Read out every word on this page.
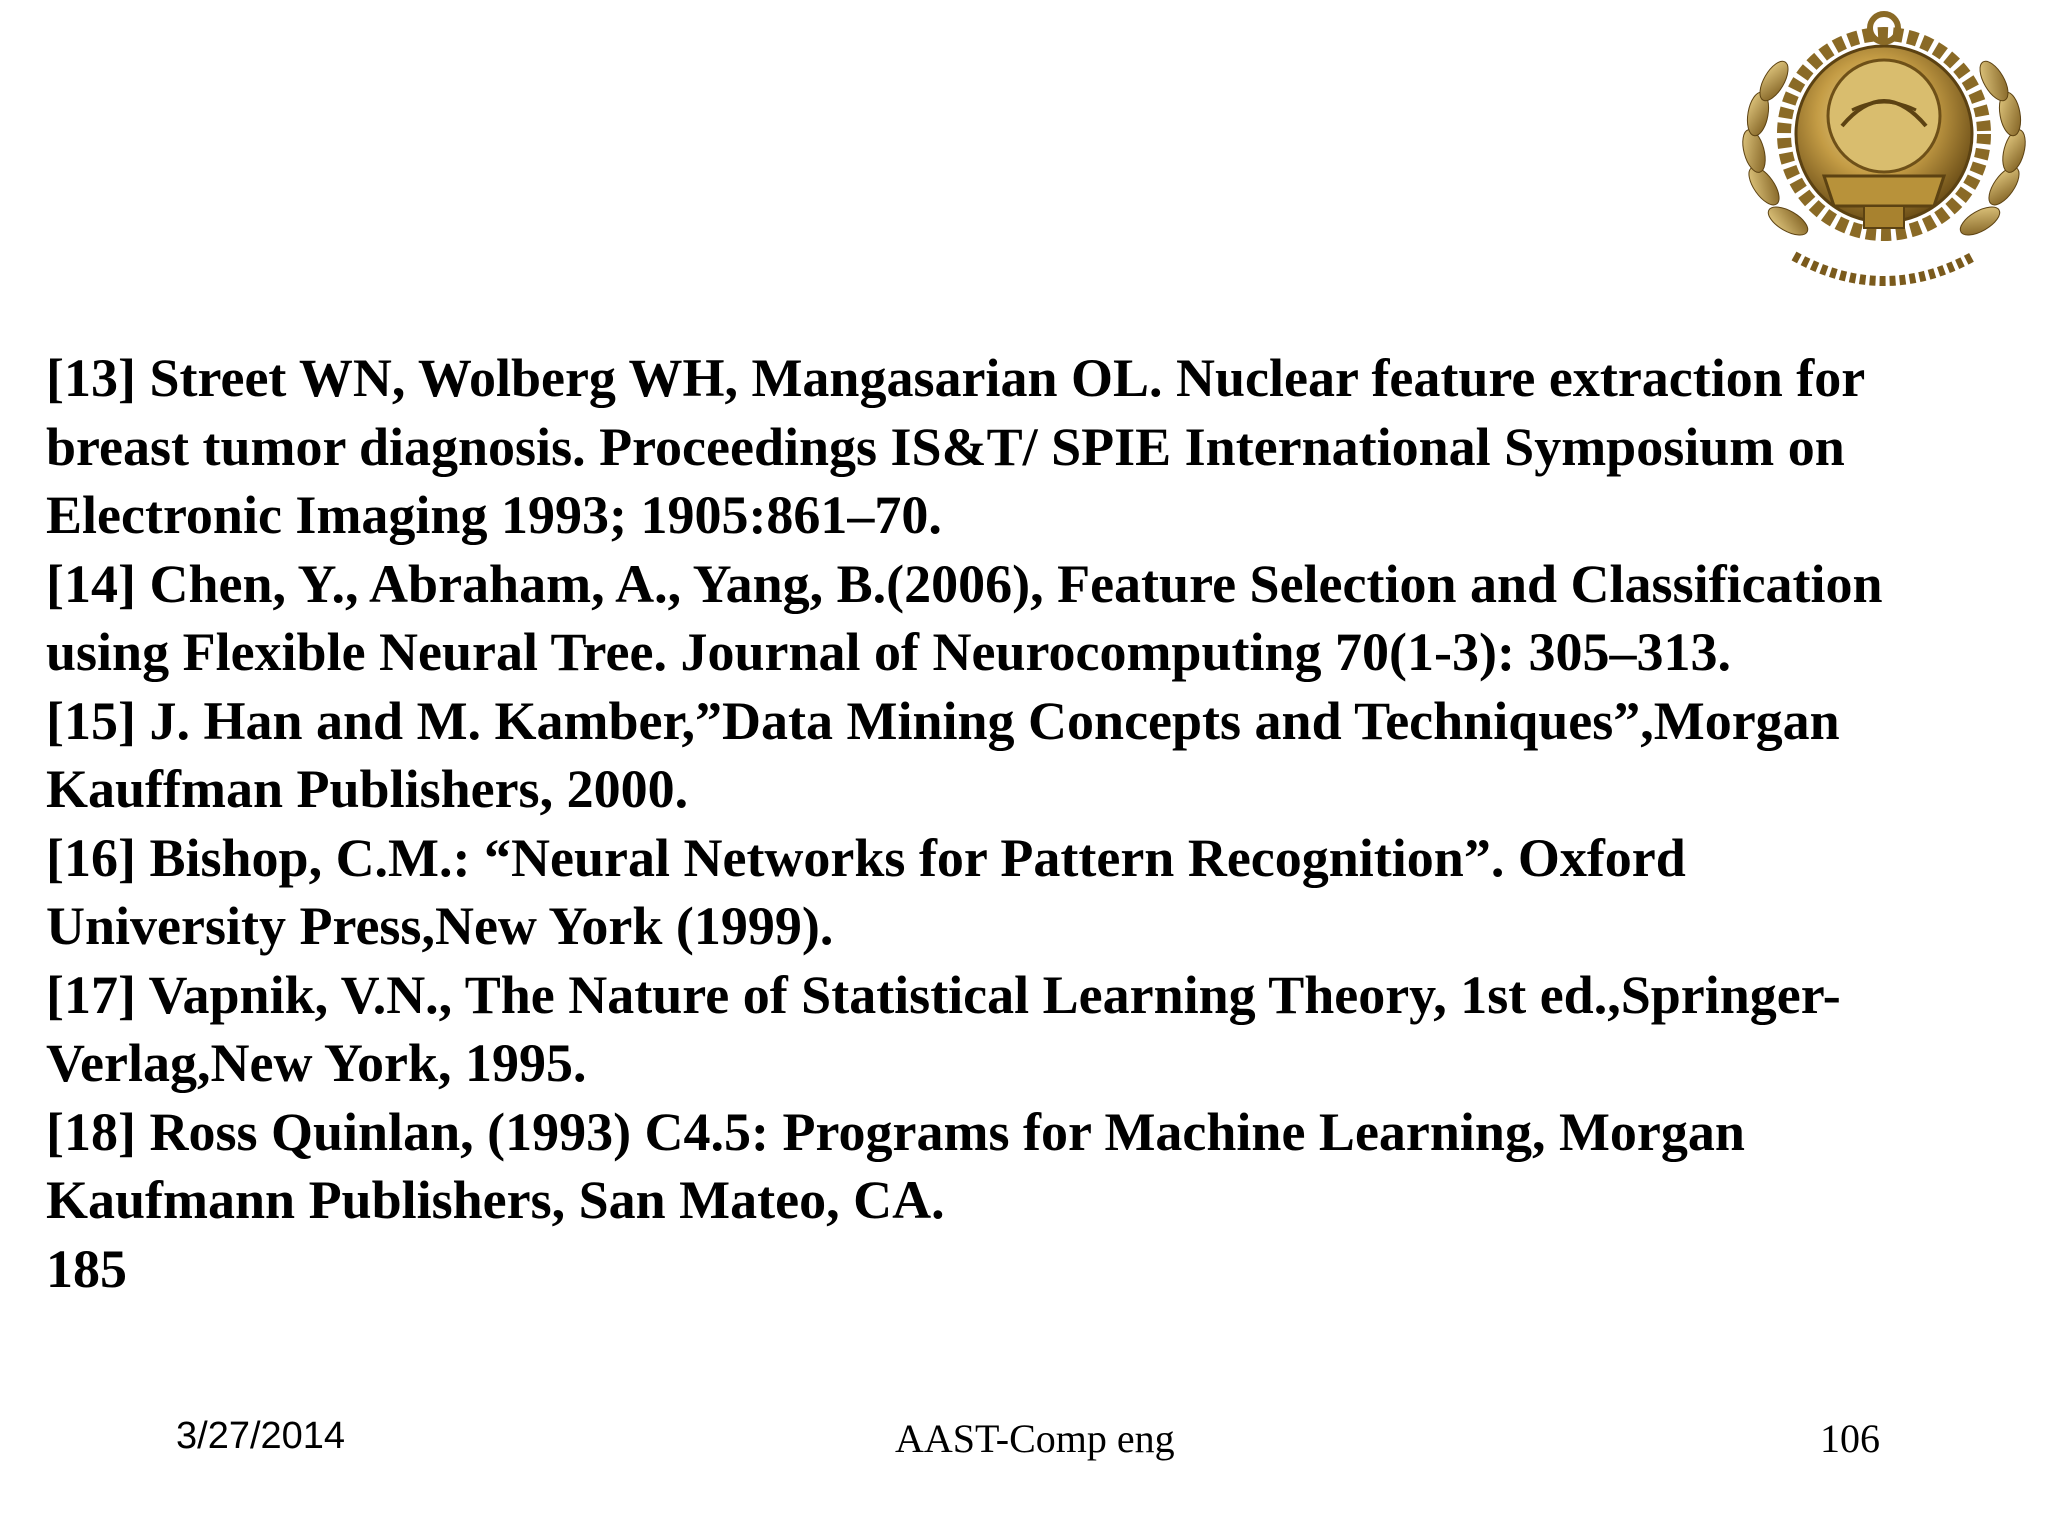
[13] Street WN, Wolberg WH, Mangasarian OL. Nuclear feature extraction for
breast tumor diagnosis. Proceedings IS&T/ SPIE International Symposium on
Electronic Imaging 1993; 1905:861–70.
[14] Chen, Y., Abraham, A., Yang, B.(2006), Feature Selection and Classification
using Flexible Neural Tree. Journal of Neurocomputing 70(1-3): 305–313.
[15] J. Han and M. Kamber,”Data Mining Concepts and Techniques”,Morgan
Kauffman Publishers, 2000.
[16] Bishop, C.M.: “Neural Networks for Pattern Recognition”. Oxford
University Press,New York (1999).
[17] Vapnik, V.N., The Nature of Statistical Learning Theory, 1st ed.,Springer-
Verlag,New York, 1995.
[18] Ross Quinlan, (1993) C4.5: Programs for Machine Learning, Morgan
Kaufmann Publishers, San Mateo, CA.
185
3/27/2014	AAST-Comp eng	106
